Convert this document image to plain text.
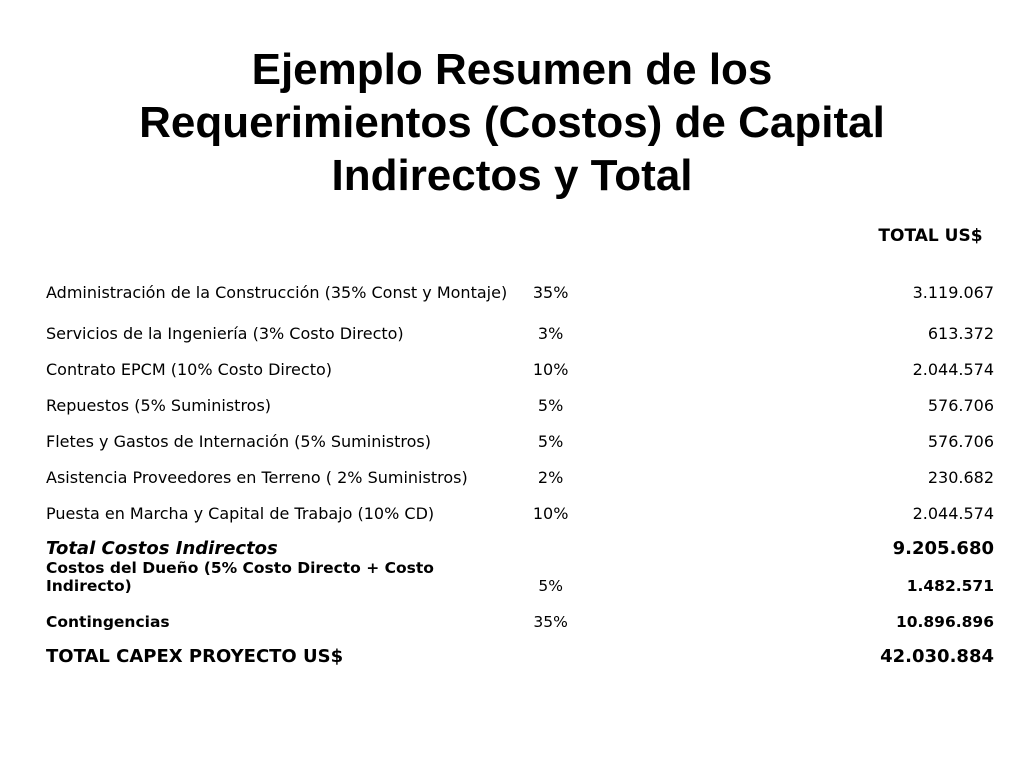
Ejemplo Resumen de los
Requerimientos (Costos) de Capital
Indirectos y Total
			TOTAL US$
Administración de la Construcción (35% Const y Montaje)	35%		3.119.067
Servicios de la Ingeniería (3% Costo Directo)	3%		613.372
Contrato EPCM (10% Costo Directo)	10%		2.044.574
Repuestos (5% Suministros)	5%		576.706
Fletes y Gastos de Internación (5% Suministros)	5%		576.706
Asistencia Proveedores en Terreno ( 2% Suministros)	2%		230.682
Puesta en Marcha y Capital de Trabajo (10% CD)	10%		2.044.574
Total Costos Indirectos			9.205.680
Costos del Dueño (5% Costo Directo + Costo Indirecto)	5%		1.482.571
Contingencias	35%		10.896.896
TOTAL CAPEX PROYECTO US$			42.030.884
